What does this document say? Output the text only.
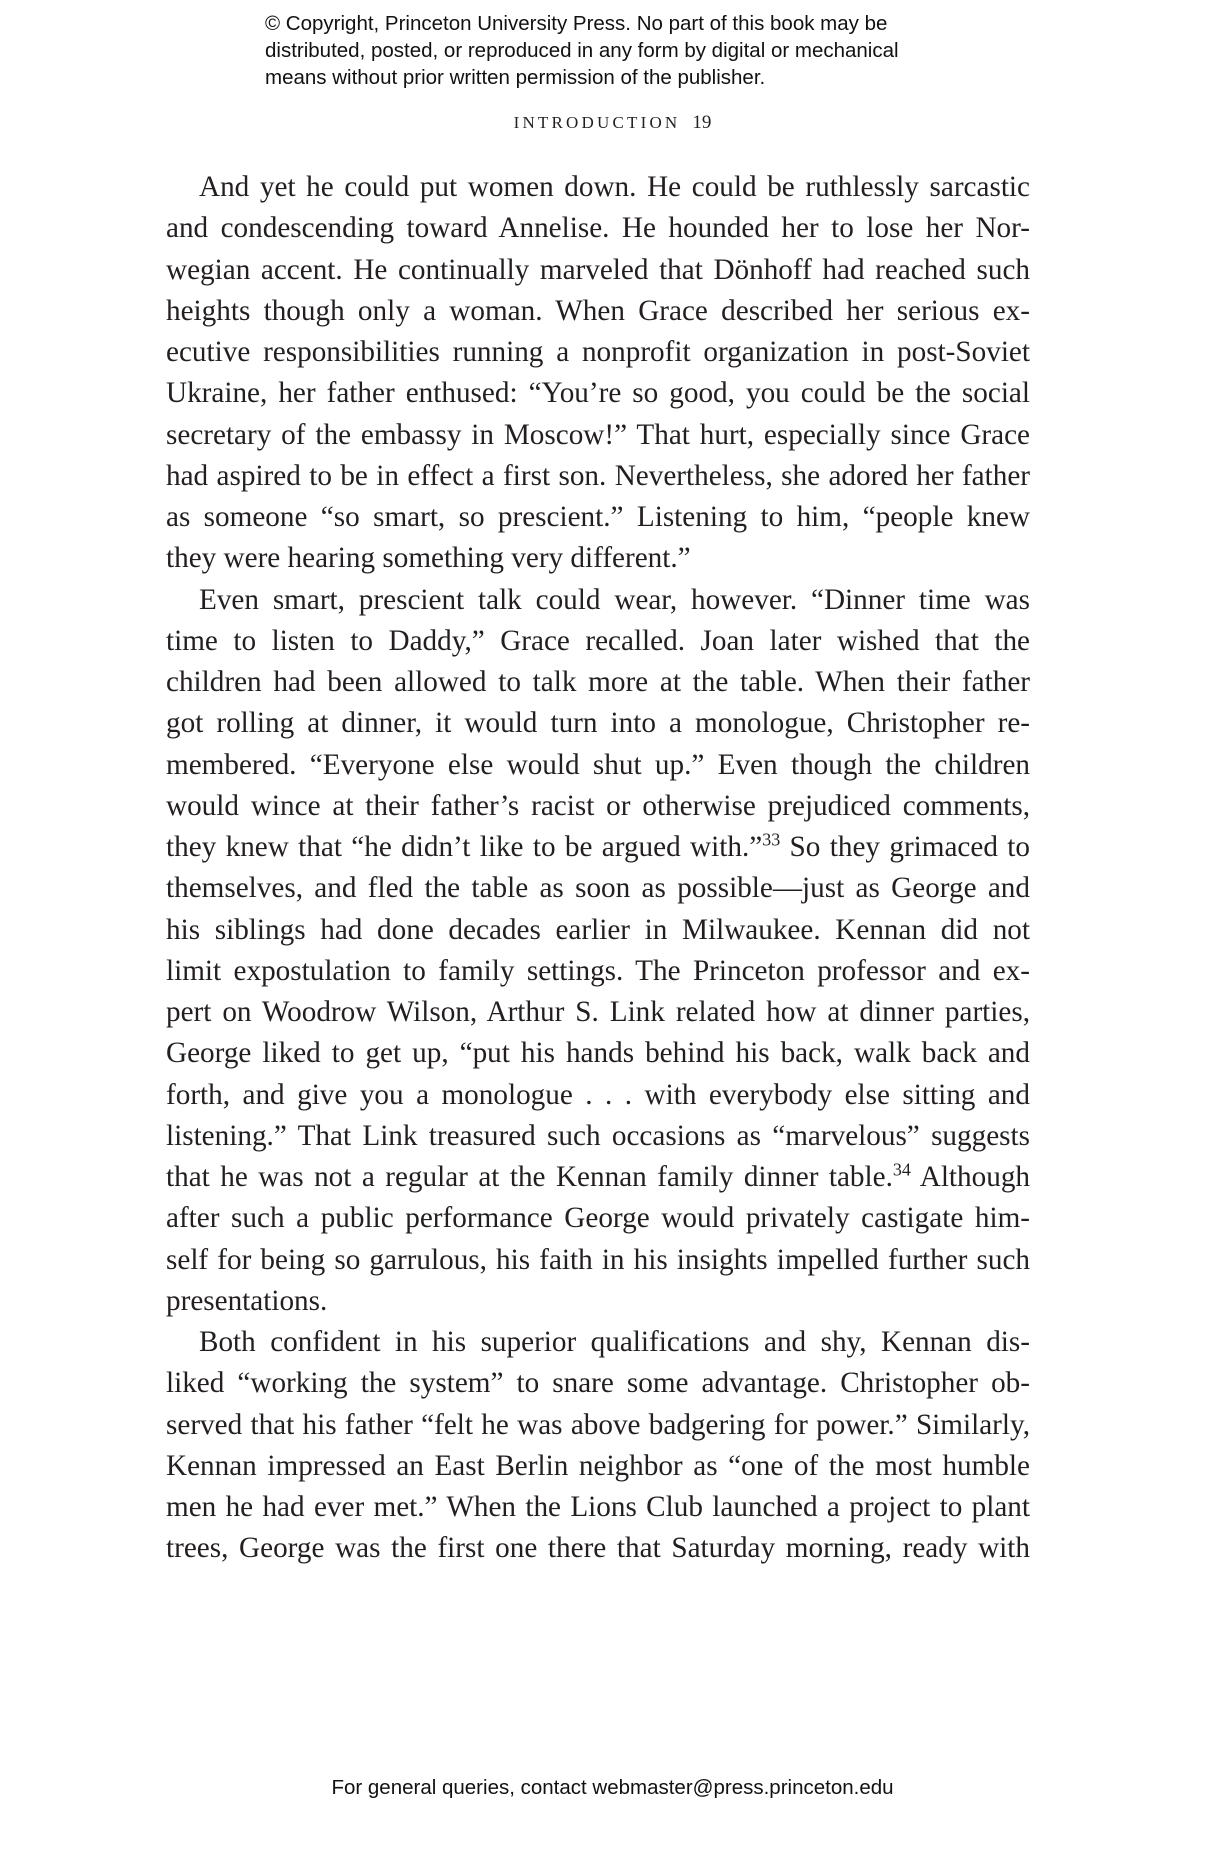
© Copyright, Princeton University Press. No part of this book may be
distributed, posted, or reproduced in any form by digital or mechanical
means without prior written permission of the publisher.
INTRODUCTION 19
And yet he could put women down. He could be ruthlessly sarcastic
and condescending toward Annelise. He hounded her to lose her Nor-
wegian accent. He continually marveled that Dönhoff had reached such
heights though only a woman. When Grace described her serious ex-
ecutive responsibilities running a nonprofit organization in post-Soviet
Ukraine, her father enthused: “You’re so good, you could be the social
secretary of the embassy in Moscow!” That hurt, especially since Grace
had aspired to be in effect a first son. Nevertheless, she adored her father
as someone “so smart, so prescient.” Listening to him, “people knew
they were hearing something very different.”
Even smart, prescient talk could wear, however. “Dinner time was
time to listen to Daddy,” Grace recalled. Joan later wished that the
children had been allowed to talk more at the table. When their father
got rolling at dinner, it would turn into a monologue, Christopher re-
membered. “Everyone else would shut up.” Even though the children
would wince at their father’s racist or otherwise prejudiced comments,
they knew that “he didn’t like to be argued with.”$^{33}$ So they grimaced to
themselves, and fled the table as soon as possible—just as George and
his siblings had done decades earlier in Milwaukee. Kennan did not
limit expostulation to family settings. The Princeton professor and ex-
pert on Woodrow Wilson, Arthur S. Link related how at dinner parties,
George liked to get up, “put his hands behind his back, walk back and
forth, and give you a monologue . . . with everybody else sitting and
listening.” That Link treasured such occasions as “marvelous” suggests
that he was not a regular at the Kennan family dinner table.$^{34}$ Although
after such a public performance George would privately castigate him-
self for being so garrulous, his faith in his insights impelled further such
presentations.
Both confident in his superior qualifications and shy, Kennan dis-
liked “working the system” to snare some advantage. Christopher ob-
served that his father “felt he was above badgering for power.” Similarly,
Kennan impressed an East Berlin neighbor as “one of the most humble
men he had ever met.” When the Lions Club launched a project to plant
trees, George was the first one there that Saturday morning, ready with
For general queries, contact webmaster@press.princeton.edu
